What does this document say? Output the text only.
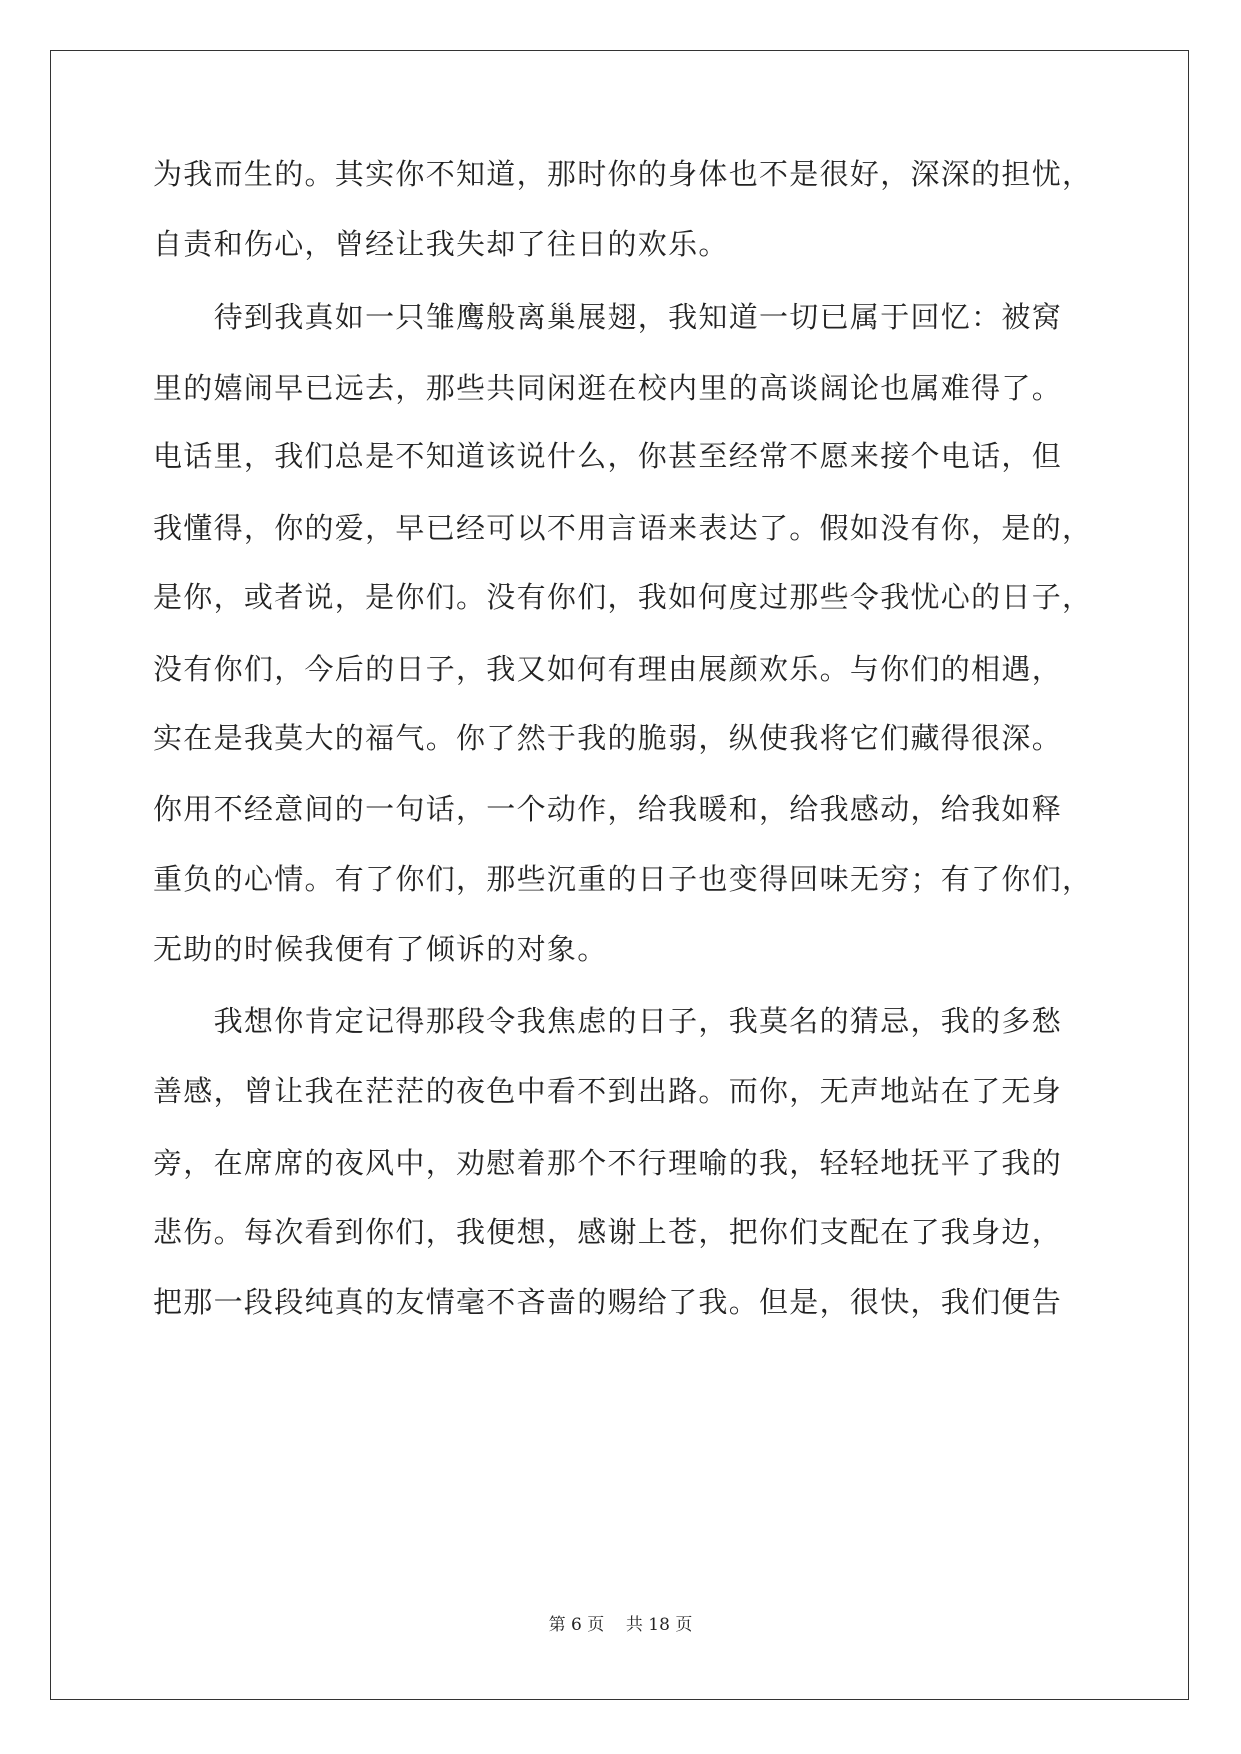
为我而生的。其实你不知道，那时你的身体也不是很好，深深的担忧，
自责和伤心，曾经让我失却了往日的欢乐。
　　待到我真如一只雏鹰般离巢展翅，我知道一切已属于回忆：被窝
里的嬉闹早已远去，那些共同闲逛在校内里的高谈阔论也属难得了。
电话里，我们总是不知道该说什么，你甚至经常不愿来接个电话，但
我懂得，你的爱，早已经可以不用言语来表达了。假如没有你，是的，
是你，或者说，是你们。没有你们，我如何度过那些令我忧心的日子，
没有你们，今后的日子，我又如何有理由展颜欢乐。与你们的相遇，
实在是我莫大的福气。你了然于我的脆弱，纵使我将它们藏得很深。
你用不经意间的一句话，一个动作，给我暖和，给我感动，给我如释
重负的心情。有了你们，那些沉重的日子也变得回味无穷；有了你们，
无助的时候我便有了倾诉的对象。
　　我想你肯定记得那段令我焦虑的日子，我莫名的猜忌，我的多愁
善感，曾让我在茫茫的夜色中看不到出路。而你，无声地站在了无身
旁，在席席的夜风中，劝慰着那个不行理喻的我，轻轻地抚平了我的
悲伤。每次看到你们，我便想，感谢上苍，把你们支配在了我身边，
把那一段段纯真的友情毫不吝啬的赐给了我。但是，很快，我们便告
第 6 页 共 18 页
